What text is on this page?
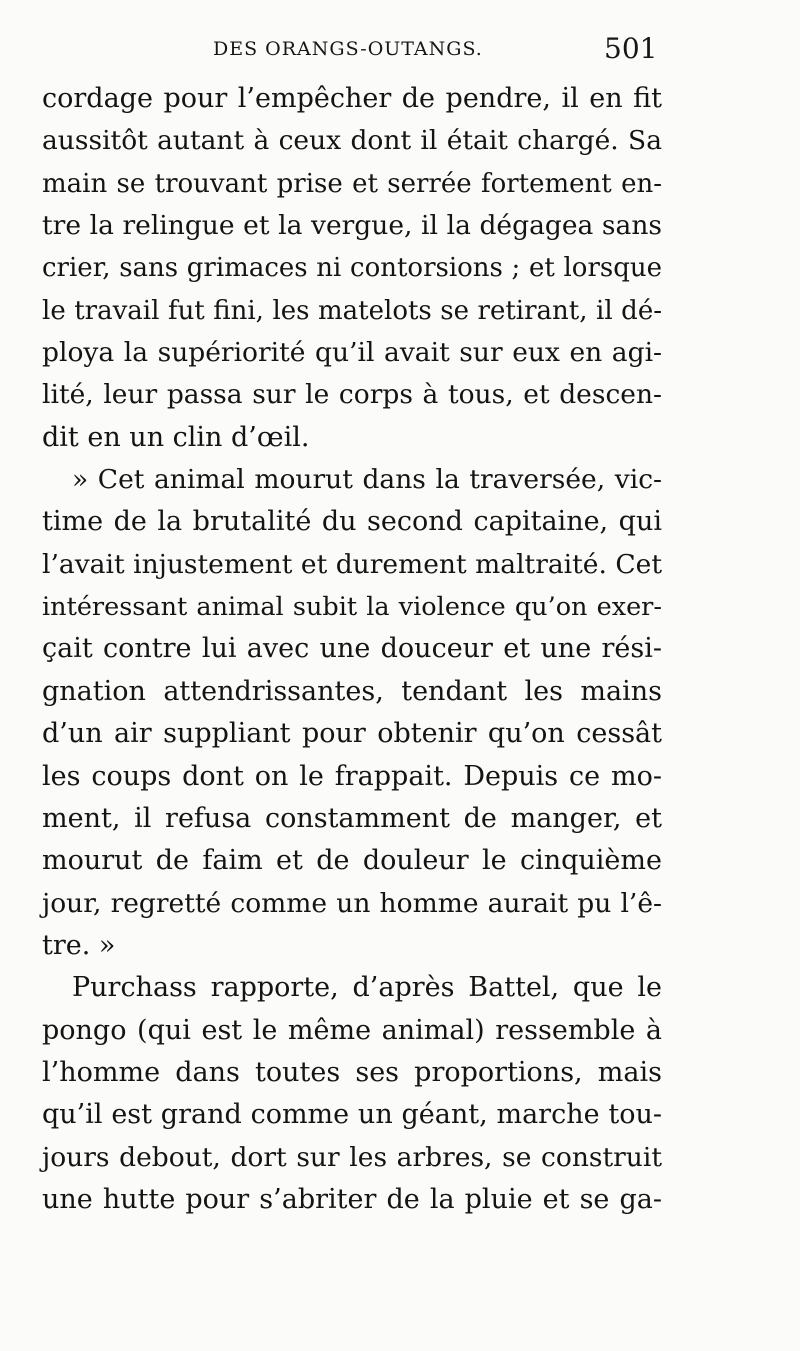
DES ORANGS-OUTANGS.	501
cordage pour l’empêcher de pendre, il en fit
aussitôt autant à ceux dont il était chargé. Sa
main se trouvant prise et serrée fortement en-
tre la relingue et la vergue, il la dégagea sans
crier, sans grimaces ni contorsions ; et lorsque
le travail fut fini, les matelots se retirant, il dé-
ploya la supériorité qu’il avait sur eux en agi-
lité, leur passa sur le corps à tous, et descen-
dit en un clin d’œil.
» Cet animal mourut dans la traversée, vic-
time de la brutalité du second capitaine, qui
l’avait injustement et durement maltraité. Cet
intéressant animal subit la violence qu’on exer-
çait contre lui avec une douceur et une rési-
gnation attendrissantes, tendant les mains
d’un air suppliant pour obtenir qu’on cessât
les coups dont on le frappait. Depuis ce mo-
ment, il refusa constamment de manger, et
mourut de faim et de douleur le cinquième
jour, regretté comme un homme aurait pu l’ê-
tre. »
Purchass rapporte, d’après Battel, que le
pongo (qui est le même animal) ressemble à
l’homme dans toutes ses proportions, mais
qu’il est grand comme un géant, marche tou-
jours debout, dort sur les arbres, se construit
une hutte pour s’abriter de la pluie et se ga-
